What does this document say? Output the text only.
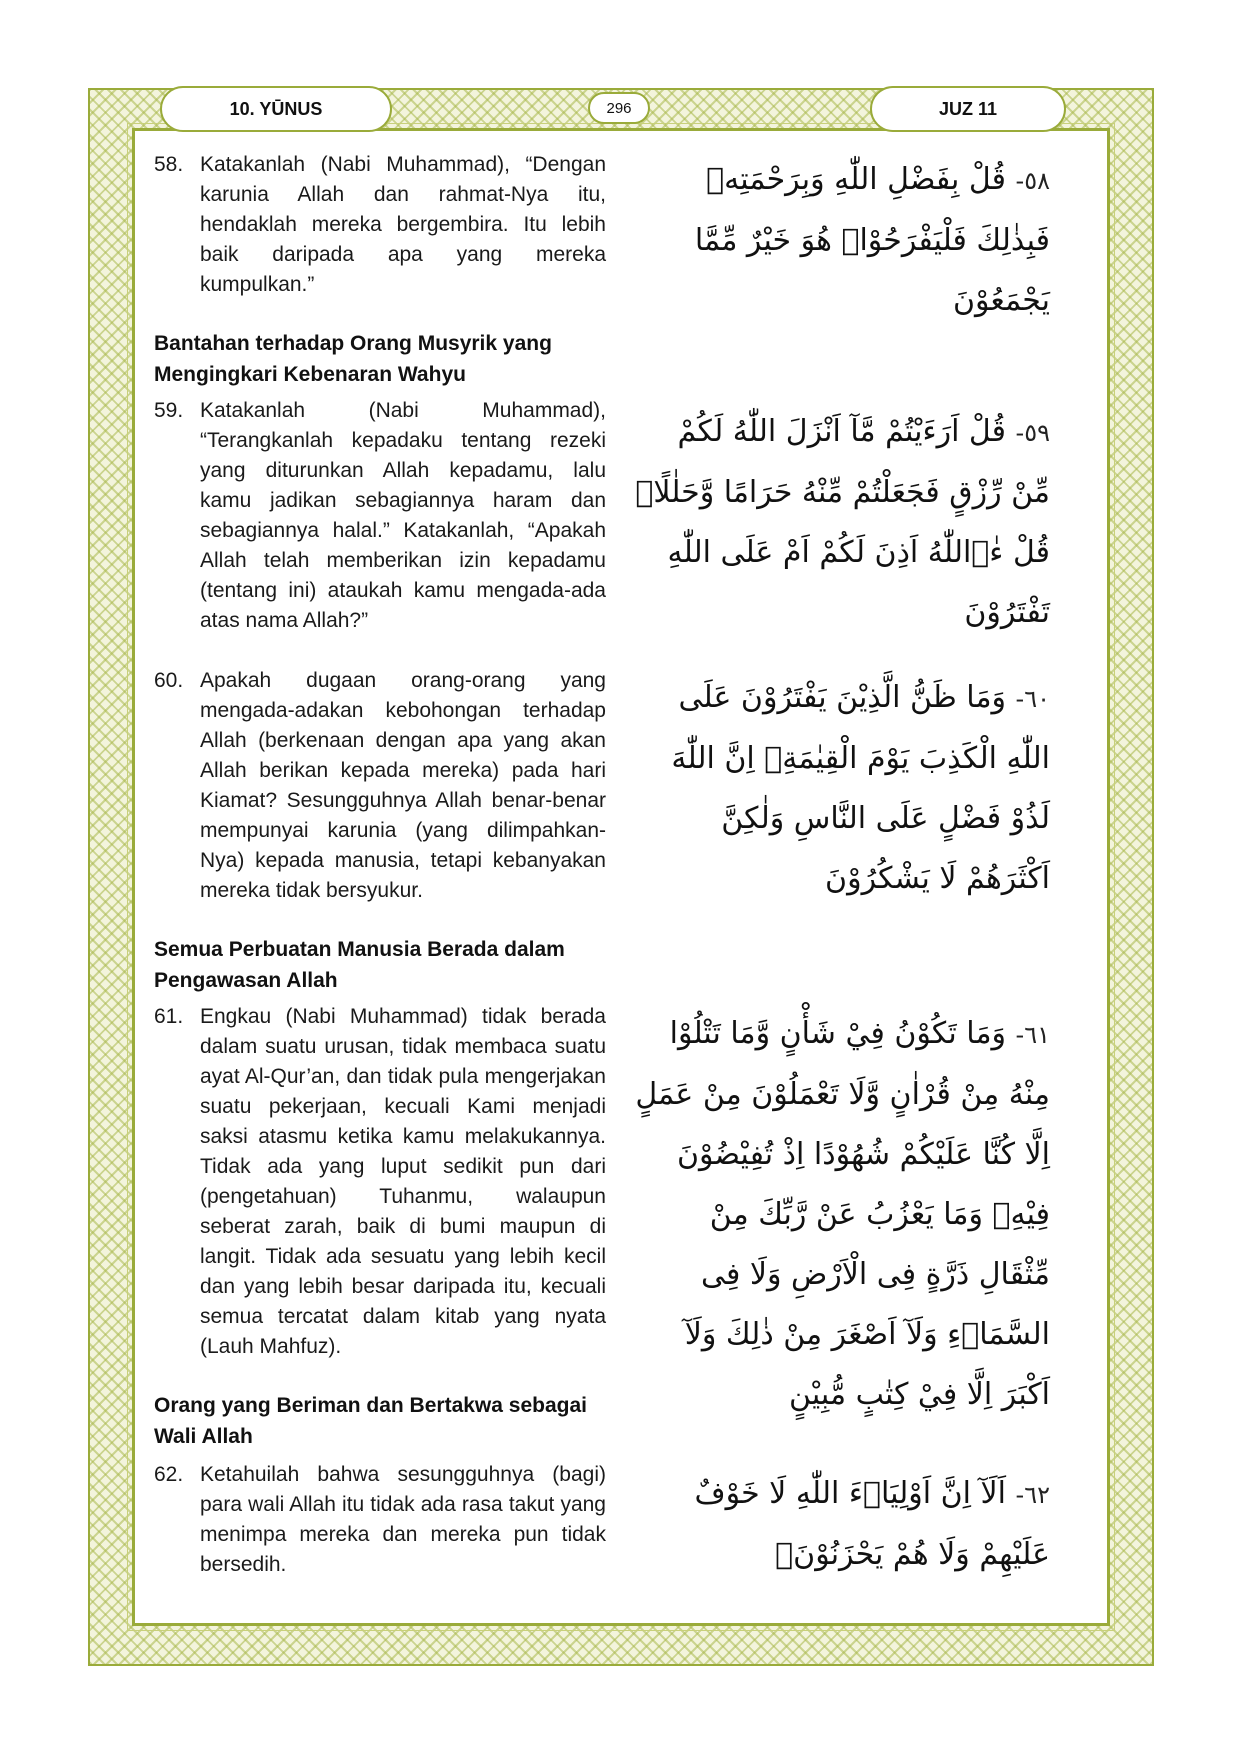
10. YŪNUS	296	JUZ 11
٥٨- قُلْ بِفَضْلِ اللّٰهِ وَبِرَحْمَتِهٖ فَبِذٰلِكَ فَلْيَفْرَحُوْاۗ هُوَ خَيْرٌ مِّمَّا يَجْمَعُوْنَ
58. Katakanlah (Nabi Muhammad), “Dengan karunia Allah dan rahmat-Nya itu, hendaklah mereka bergembira. Itu lebih baik daripada apa yang mereka kumpulkan.”
Bantahan terhadap Orang Musyrik yang Mengingkari Kebenaran Wahyu
٥٩- قُلْ اَرَءَيْتُمْ مَّآ اَنْزَلَ اللّٰهُ لَكُمْ مِّنْ رِّزْقٍ فَجَعَلْتُمْ مِّنْهُ حَرَامًا وَّحَلٰلًاۗ قُلْ ءٰۤاللّٰهُ اَذِنَ لَكُمْ اَمْ عَلَى اللّٰهِ تَفْتَرُوْنَ
59. Katakanlah (Nabi Muhammad), “Terangkanlah kepadaku tentang rezeki yang diturunkan Allah kepadamu, lalu kamu jadikan sebagiannya haram dan sebagiannya halal.” Katakanlah, “Apakah Allah telah memberikan izin kepadamu (tentang ini) ataukah kamu mengada-ada atas nama Allah?”
٦٠- وَمَا ظَنُّ الَّذِيْنَ يَفْتَرُوْنَ عَلَى اللّٰهِ الْكَذِبَ يَوْمَ الْقِيٰمَةِۗ اِنَّ اللّٰهَ لَذُوْ فَضْلٍ عَلَى النَّاسِ وَلٰكِنَّ اَكْثَرَهُمْ لَا يَشْكُرُوْنَ
60. Apakah dugaan orang-orang yang mengada-adakan kebohongan terhadap Allah (berkenaan dengan apa yang akan Allah berikan kepada mereka) pada hari Kiamat? Sesungguhnya Allah benar-benar mempunyai karunia (yang dilimpahkan-Nya) kepada manusia, tetapi kebanyakan mereka tidak bersyukur.
Semua Perbuatan Manusia Berada dalam Pengawasan Allah
٦١- وَمَا تَكُوْنُ فِيْ شَأْنٍ وَّمَا تَتْلُوْا مِنْهُ مِنْ قُرْاٰنٍ وَّلَا تَعْمَلُوْنَ مِنْ عَمَلٍ اِلَّا كُنَّا عَلَيْكُمْ شُهُوْدًا اِذْ تُفِيْضُوْنَ فِيْهِۗ وَمَا يَعْزُبُ عَنْ رَّبِّكَ مِنْ مِّثْقَالِ ذَرَّةٍ فِى الْاَرْضِ وَلَا فِى السَّمَاۤءِ وَلَآ اَصْغَرَ مِنْ ذٰلِكَ وَلَآ اَكْبَرَ اِلَّا فِيْ كِتٰبٍ مُّبِيْنٍ
61. Engkau (Nabi Muhammad) tidak berada dalam suatu urusan, tidak membaca suatu ayat Al-Qur’an, dan tidak pula mengerjakan suatu pekerjaan, kecuali Kami menjadi saksi atasmu ketika kamu melakukannya. Tidak ada yang luput sedikit pun dari (pengetahuan) Tuhanmu, walaupun seberat zarah, baik di bumi maupun di langit. Tidak ada sesuatu yang lebih kecil dan yang lebih besar daripada itu, kecuali semua tercatat dalam kitab yang nyata (Lauh Mahfuz).
Orang yang Beriman dan Bertakwa sebagai Wali Allah
٦٢- اَلَآ اِنَّ اَوْلِيَاۤءَ اللّٰهِ لَا خَوْفٌ عَلَيْهِمْ وَلَا هُمْ يَحْزَنُوْنَۚ
62. Ketahuilah bahwa sesungguhnya (bagi) para wali Allah itu tidak ada rasa takut yang menimpa mereka dan mereka pun tidak bersedih.
